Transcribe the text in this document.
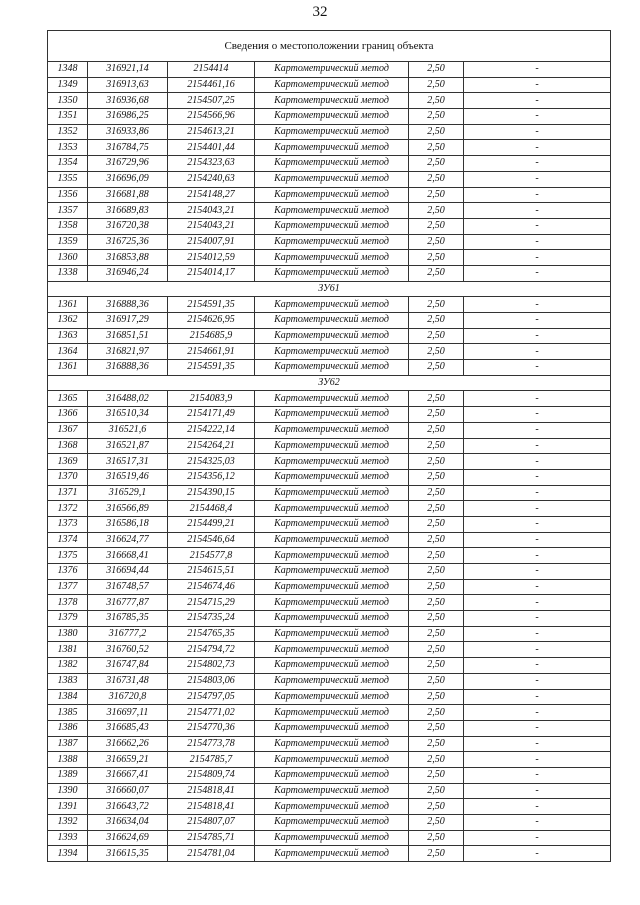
32
Сведения о местоположении границ объекта					
1348	316921,14	2154414	Картометрический метод	2,50	-
1349	316913,63	2154461,16	Картометрический метод	2,50	-
1350	316936,68	2154507,25	Картометрический метод	2,50	-
1351	316986,25	2154566,96	Картометрический метод	2,50	-
1352	316933,86	2154613,21	Картометрический метод	2,50	-
1353	316784,75	2154401,44	Картометрический метод	2,50	-
1354	316729,96	2154323,63	Картометрический метод	2,50	-
1355	316696,09	2154240,63	Картометрический метод	2,50	-
1356	316681,88	2154148,27	Картометрический метод	2,50	-
1357	316689,83	2154043,21	Картометрический метод	2,50	-
1358	316720,38	2154043,21	Картометрический метод	2,50	-
1359	316725,36	2154007,91	Картометрический метод	2,50	-
1360	316853,88	2154012,59	Картометрический метод	2,50	-
1338	316946,24	2154014,17	Картометрический метод	2,50	-
ЗУ61					
1361	316888,36	2154591,35	Картометрический метод	2,50	-
1362	316917,29	2154626,95	Картометрический метод	2,50	-
1363	316851,51	2154685,9	Картометрический метод	2,50	-
1364	316821,97	2154661,91	Картометрический метод	2,50	-
1361	316888,36	2154591,35	Картометрический метод	2,50	-
ЗУ62					
1365	316488,02	2154083,9	Картометрический метод	2,50	-
1366	316510,34	2154171,49	Картометрический метод	2,50	-
1367	316521,6	2154222,14	Картометрический метод	2,50	-
1368	316521,87	2154264,21	Картометрический метод	2,50	-
1369	316517,31	2154325,03	Картометрический метод	2,50	-
1370	316519,46	2154356,12	Картометрический метод	2,50	-
1371	316529,1	2154390,15	Картометрический метод	2,50	-
1372	316566,89	2154468,4	Картометрический метод	2,50	-
1373	316586,18	2154499,21	Картометрический метод	2,50	-
1374	316624,77	2154546,64	Картометрический метод	2,50	-
1375	316668,41	2154577,8	Картометрический метод	2,50	-
1376	316694,44	2154615,51	Картометрический метод	2,50	-
1377	316748,57	2154674,46	Картометрический метод	2,50	-
1378	316777,87	2154715,29	Картометрический метод	2,50	-
1379	316785,35	2154735,24	Картометрический метод	2,50	-
1380	316777,2	2154765,35	Картометрический метод	2,50	-
1381	316760,52	2154794,72	Картометрический метод	2,50	-
1382	316747,84	2154802,73	Картометрический метод	2,50	-
1383	316731,48	2154803,06	Картометрический метод	2,50	-
1384	316720,8	2154797,05	Картометрический метод	2,50	-
1385	316697,11	2154771,02	Картометрический метод	2,50	-
1386	316685,43	2154770,36	Картометрический метод	2,50	-
1387	316662,26	2154773,78	Картометрический метод	2,50	-
1388	316659,21	2154785,7	Картометрический метод	2,50	-
1389	316667,41	2154809,74	Картометрический метод	2,50	-
1390	316660,07	2154818,41	Картометрический метод	2,50	-
1391	316643,72	2154818,41	Картометрический метод	2,50	-
1392	316634,04	2154807,07	Картометрический метод	2,50	-
1393	316624,69	2154785,71	Картометрический метод	2,50	-
1394	316615,35	2154781,04	Картометрический метод	2,50	-
